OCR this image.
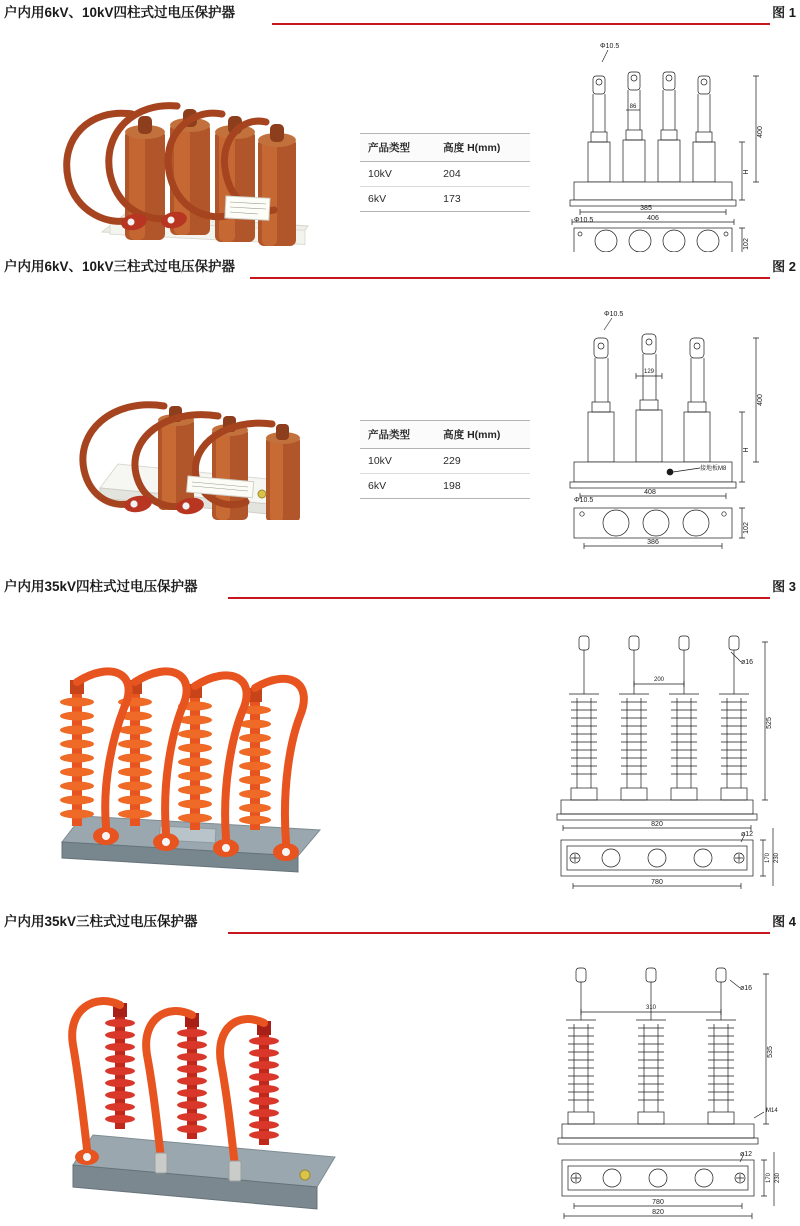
户内用6kV、10kV四柱式过电压保护器	图 1
产品类型	高度 H(mm)
10kV	204
6kV	173
385
406
400
H
86
Φ10.5
102
Φ10.5
户内用6kV、10kV三柱式过电压保护器	图 2
产品类型	高度 H(mm)
10kV	229
6kV	198
408
400
H
129
Φ10.5
接地板M8
102
386
Φ10.5
户内用35kV四柱式过电压保护器	图 3
200
525
820
780
170 230
ø16
ø12
户内用35kV三柱式过电压保护器	图 4
310
535
M14
780
820
170 230
ø16
ø12
